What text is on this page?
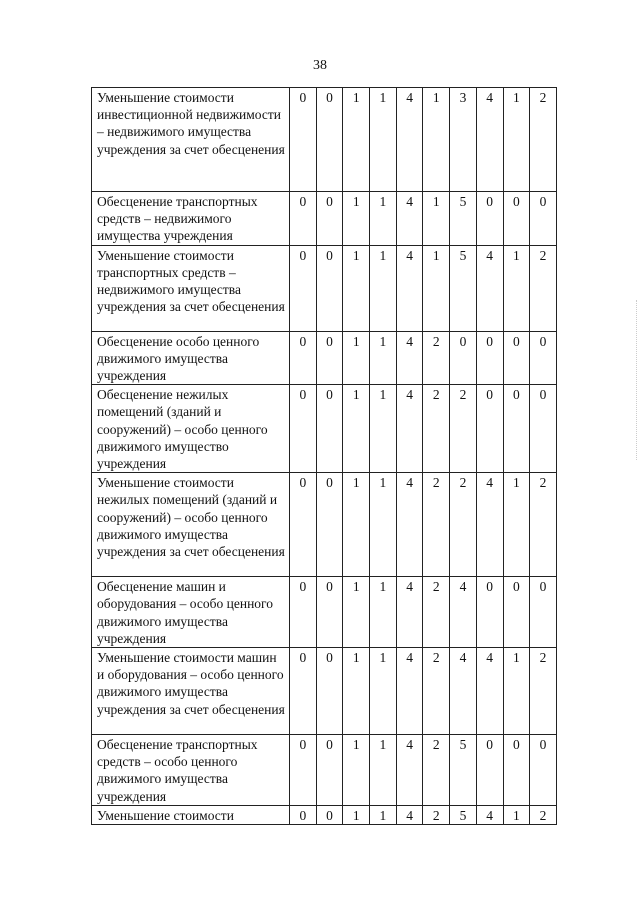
38
Уменьшение стоимости инвестиционной недвижимости – недвижимого имущества учреждения за счет обесценения	0	0	1	1	4	1	3	4	1	2
Обесценение транспортных средств – недвижимого имущества учреждения	0	0	1	1	4	1	5	0	0	0
Уменьшение стоимости транспортных средств – недвижимого имущества учреждения за счет обесценения	0	0	1	1	4	1	5	4	1	2
Обесценение особо ценного движимого имущества учреждения	0	0	1	1	4	2	0	0	0	0
Обесценение нежилых помещений (зданий и сооружений) – особо ценного движимого имущество учреждения	0	0	1	1	4	2	2	0	0	0
Уменьшение стоимости нежилых помещений (зданий и сооружений) – особо ценного движимого имущества учреждения за счет обесценения	0	0	1	1	4	2	2	4	1	2
Обесценение машин и оборудования – особо ценного движимого имущества учреждения	0	0	1	1	4	2	4	0	0	0
Уменьшение стоимости машин и оборудования – особо ценного движимого имущества учреждения за счет обесценения	0	0	1	1	4	2	4	4	1	2
Обесценение транспортных средств – особо ценного движимого имущества учреждения	0	0	1	1	4	2	5	0	0	0
Уменьшение стоимости	0	0	1	1	4	2	5	4	1	2
